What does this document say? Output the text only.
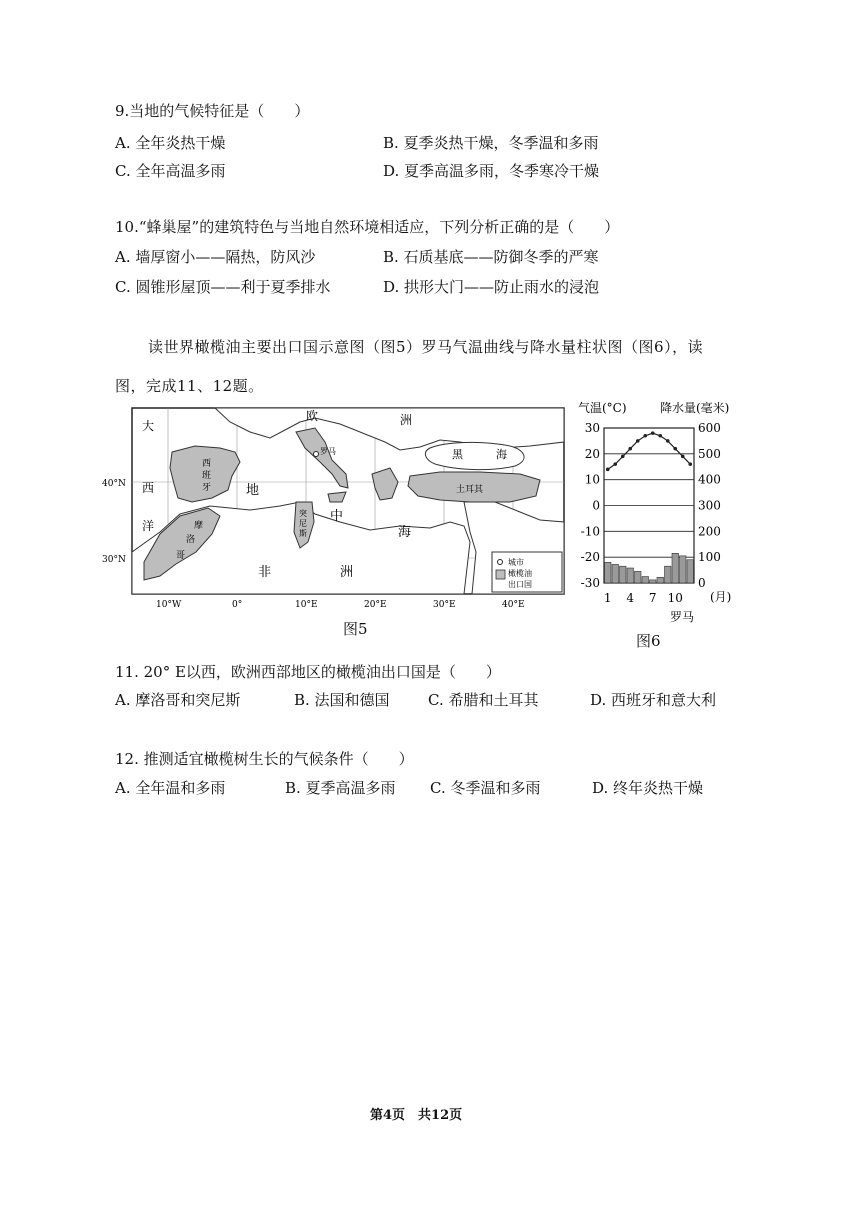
9.当地的气候特征是（　　）
A. 全年炎热干燥	B. 夏季炎热干燥，冬季温和多雨
C. 全年高温多雨	D. 夏季高温多雨，冬季寒冷干燥
10.“蜂巢屋”的建筑特色与当地自然环境相适应，下列分析正确的是（　　）
A. 墙厚窗小——隔热，防风沙	B. 石质基底——防御冬季的严寒
C. 圆锥形屋顶——利于夏季排水	D. 拱形大门——防止雨水的浸泡
读世界橄榄油主要出口国示意图（图5）罗马气温曲线与降水量柱状图（图6），读
图，完成11、12题。
大
西
洋
欧	洲
黑	海
地
中
海
非	洲
西
班
牙
摩
洛
哥
突
尼
斯
土耳其
罗马
城市
橄榄油
出口国
40°N
30°N
10°W	0°	10°E	20°E	30°E	40°E
图5
气温(°C)	降水量(毫米)
30
20
10
0
-10
-20
-30
600
500
400
300
200
100
0
1 4 7 10
罗马
(月)
图6
11. 20° E以西，欧洲西部地区的橄榄油出口国是（　　）
A. 摩洛哥和突尼斯	B. 法国和德国	C. 希腊和土耳其	D. 西班牙和意大利
12. 推测适宜橄榄树生长的气候条件（　　）
A. 全年温和多雨	B. 夏季高温多雨 C. 冬季温和多雨	D. 终年炎热干燥
第4页　共12页
